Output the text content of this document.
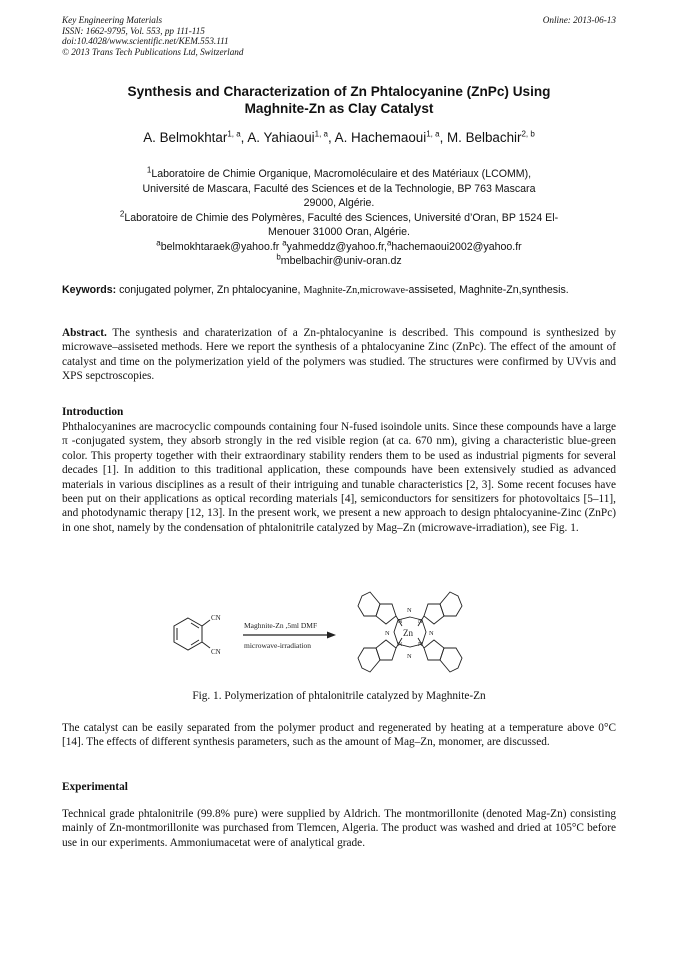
Key Engineering Materials
ISSN: 1662-9795, Vol. 553, pp 111-115
doi:10.4028/www.scientific.net/KEM.553.111
© 2013 Trans Tech Publications Ltd, Switzerland
Online: 2013-06-13
Synthesis and Characterization of Zn Phtalocyanine (ZnPc) Using
Maghnite-Zn as Clay Catalyst
A. Belmokhtar$^{1, a}$, A. Yahiaoui$^{1, a}$, A. Hachemaoui$^{1, a}$, M. Belbachir$^{2, b}$
$^1$Laboratoire de Chimie Organique, Macromoléculaire et des Matériaux (LCOMM),
Université de Mascara, Faculté des Sciences et de la Technologie, BP 763 Mascara
29000, Algérie.
$^2$Laboratoire de Chimie des Polymères, Faculté des Sciences, Université d’Oran, BP 1524 El-
Menouer 31000 Oran, Algérie.
$^a$belmokhtaraek@yahoo.fr $^a$yahmeddz@yahoo.fr,$^a$hachemaoui2002@yahoo.fr
$^b$mbelbachir@univ-oran.dz
Keywords: conjugated polymer, Zn phtalocyanine, Maghnite-Zn,microwave-assiseted, Maghnite-Zn,synthesis.
Abstract. The synthesis and charaterization of a Zn-phtalocyanine is described. This compound is synthesized by microwave–assiseted methods. Here we report the synthesis of a phtalocyanine Zinc (ZnPc). The effect of the amount of catalyst and time on the polymerization yield of the polymers was studied. The structures were confirmed by UVvis and XPS sepctroscopies.
Introduction
Phthalocyanines are macrocyclic compounds containing four N-fused isoindole units. Since these compounds have a large π -conjugated system, they absorb strongly in the red visible region (at ca. 670 nm), giving a characteristic blue-green color. This property together with their extraordinary stability renders them to be used as industrial pigments for several decades [1]. In addition to this traditional application, these compounds have been extensively studied as advanced materials in various disciplines as a result of their intriguing and tunable characteristics [2, 3]. Some recent focuses have been put on their applications as optical recording materials [4], semiconductors for sensitizers for photovoltaics [5–11], and photodynamic therapy [12, 13]. In the present work, we present a new approach to design phtalocyanine-Zinc (ZnPc) in one shot, namely by the condensation of phtalonitrile catalyzed by Mag–Zn (microwave-irradiation), see Fig. 1.
CN
CN
Maghnite-Zn ,5ml DMF
microwave-irradiation
N
N
N	N
N	N
N	N
Zn
Fig. 1. Polymerization of phtalonitrile catalyzed by Maghnite-Zn
The catalyst can be easily separated from the polymer product and regenerated by heating at a temperature above 0°C [14]. The effects of different synthesis parameters, such as the amount of Mag–Zn, monomer, are discussed.
Experimental
Technical grade phtalonitrile (99.8% pure) were supplied by Aldrich. The montmorillonite (denoted Mag-Zn) consisting mainly of Zn-montmorillonite was purchased from Tlemcen, Algeria. The product was washed and dried at 105°C before use in our experiments. Ammoniumacetat were of analytical grade.
